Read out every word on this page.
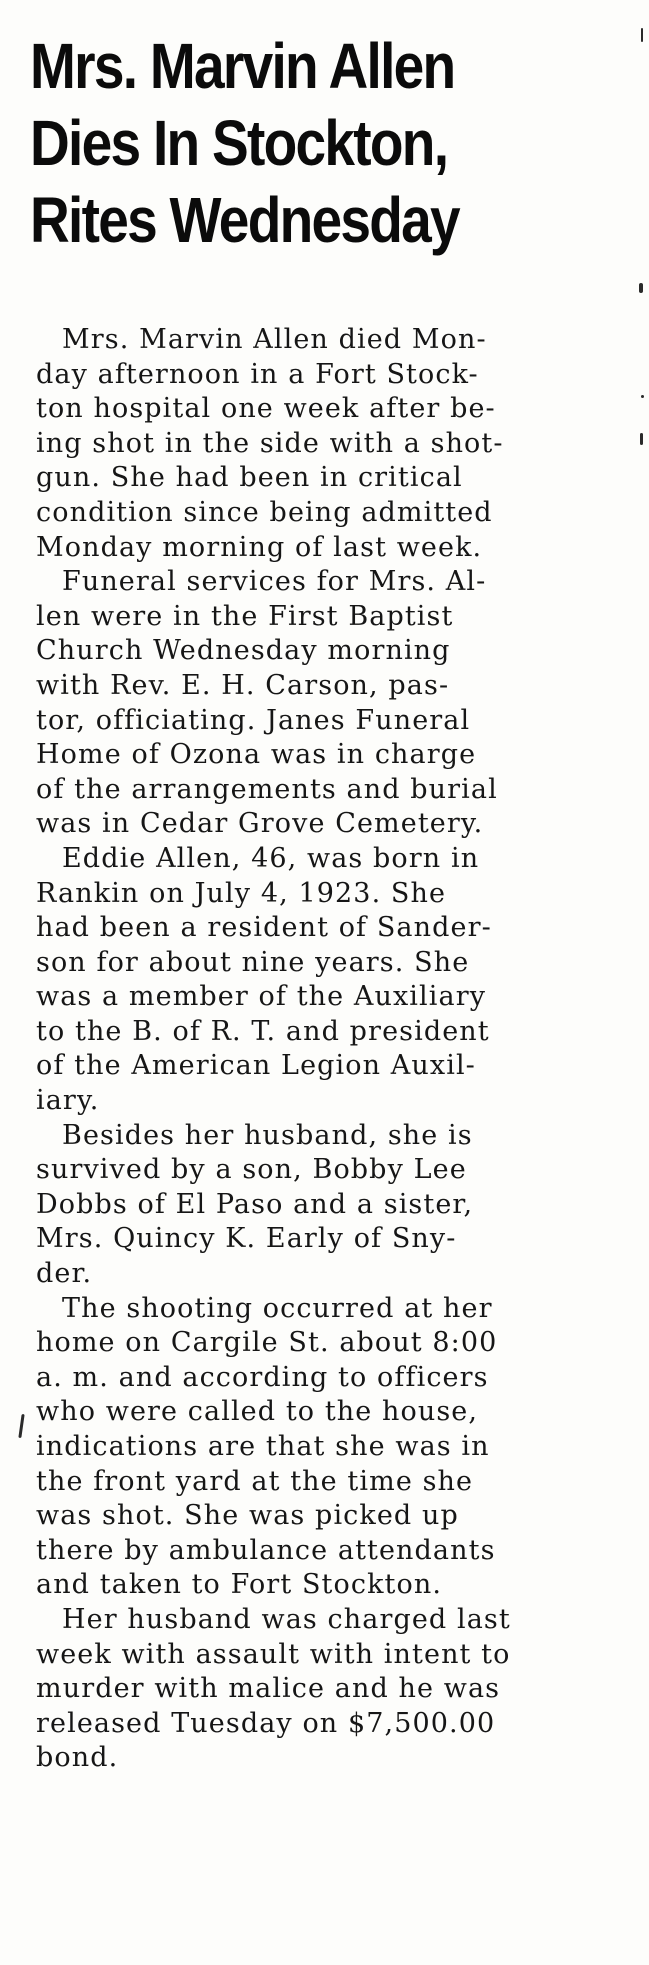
Mrs. Marvin Allen
Dies In Stockton,
Rites Wednesday

Mrs. Marvin Allen died Mon-
day afternoon in a Fort Stock-
ton hospital one week after be-
ing shot in the side with a shot-
gun. She had been in critical
condition since being admitted
Monday morning of last week.

Funeral services for Mrs. Al-
len were in the First Baptist
Church Wednesday morning
with Rev. E. H. Carson, pas-
tor, officiating. Janes Funeral
Home of Ozona was in charge
of the arrangements and burial
was in Cedar Grove Cemetery.

Eddie Allen, 46, was born in
Rankin on July 4, 1923. She
had been a resident of Sander-
son for about nine years. She
was a member of the Auxiliary
to the B. of R. T. and president
of the American Legion Auxil-
iary.

Besides her husband, she is
survived by a son, Bobby Lee
Dobbs of El Paso and a sister,
Mrs. Quincy K. Early of Sny-
der.

The shooting occurred at her
home on Cargile St. about 8:00
a. m. and according to officers
who were called to the house,
indications are that she was in
the front yard at the time she
was shot. She was picked up
there by ambulance attendants
and taken to Fort Stockton.

Her husband was charged last
week with assault with intent to
murder with malice and he was
released Tuesday on $7,500.00
bond.
